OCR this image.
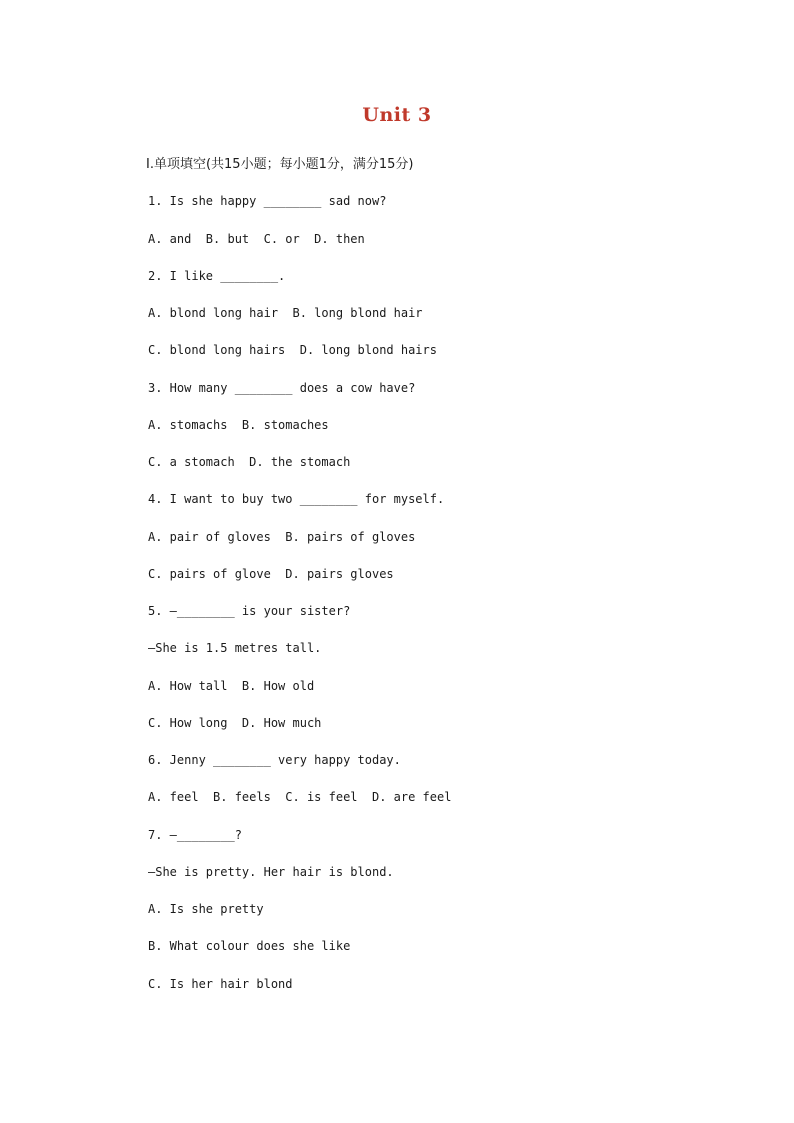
Unit 3
Ⅰ.单项填空(共15小题；每小题1分，满分15分)
1. Is she happy ________ sad now?
A. and  B. but  C. or  D. then
2. I like ________.
A. blond long hair  B. long blond hair
C. blond long hairs  D. long blond hairs
3. How many ________ does a cow have?
A. stomachs  B. stomaches
C. a stomach  D. the stomach
4. I want to buy two ________ for myself.
A. pair of gloves  B. pairs of gloves
C. pairs of glove  D. pairs gloves
5. —________ is your sister?
—She is 1.5 metres tall.
A. How tall  B. How old
C. How long  D. How much
6. Jenny ________ very happy today.
A. feel  B. feels  C. is feel  D. are feel
7. —________?
—She is pretty. Her hair is blond.
A. Is she pretty
B. What colour does she like
C. Is her hair blond
